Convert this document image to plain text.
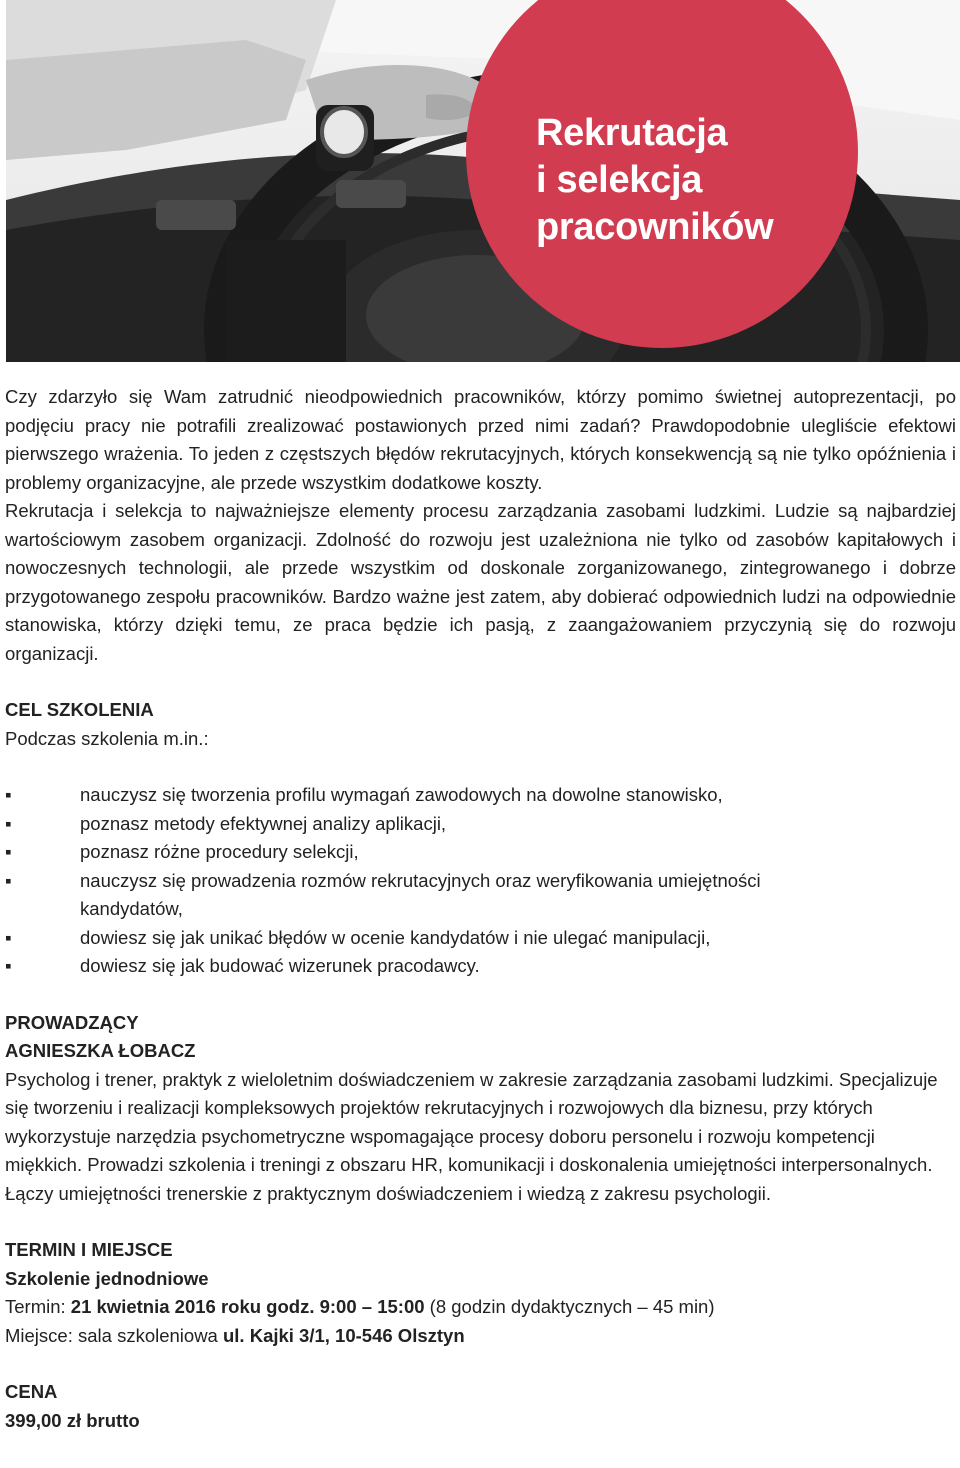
Rekrutacja
i selekcja
pracowników

Czy zdarzyło się Wam zatrudnić nieodpowiednich pracowników, którzy pomimo świetnej autoprezentacji, po podjęciu pracy nie potrafili zrealizować postawionych przed nimi zadań? Prawdopodobnie ulegliście efektowi pierwszego wrażenia. To jeden z częstszych błędów rekrutacyjnych, których konsekwencją są nie tylko opóźnienia i problemy organizacyjne, ale przede wszystkim dodatkowe koszty.

Rekrutacja i selekcja to najważniejsze elementy procesu zarządzania zasobami ludzkimi. Ludzie są najbardziej wartościowym zasobem organizacji. Zdolność do rozwoju jest uzależniona nie tylko od zasobów kapitałowych i nowoczesnych technologii, ale przede wszystkim od doskonale zorganizowanego, zintegrowanego i dobrze przygotowanego zespołu pracowników. Bardzo ważne jest zatem, aby dobierać odpowiednich ludzi na odpowiednie stanowiska, którzy dzięki temu, ze praca będzie ich pasją, z zaangażowaniem przyczynią się do rozwoju organizacji.

CEL SZKOLENIA

Podczas szkolenia m.in.:

▪	nauczysz się tworzenia profilu wymagań zawodowych na dowolne stanowisko,
▪	poznasz metody efektywnej analizy aplikacji,
▪	poznasz różne procedury selekcji,
▪	nauczysz się prowadzenia rozmów rekrutacyjnych oraz weryfikowania umiejętności kandydatów,
▪	dowiesz się jak unikać błędów w ocenie kandydatów i nie ulegać manipulacji,
▪	dowiesz się jak budować wizerunek pracodawcy.

PROWADZĄCY

AGNIESZKA ŁOBACZ

Psycholog i trener, praktyk z wieloletnim doświadczeniem w zakresie zarządzania zasobami ludzkimi. Specjalizuje się tworzeniu i realizacji kompleksowych projektów rekrutacyjnych i rozwojowych dla biznesu, przy których wykorzystuje narzędzia psychometryczne wspomagające procesy doboru personelu i rozwoju kompetencji miękkich. Prowadzi szkolenia i treningi z obszaru HR, komunikacji i doskonalenia umiejętności interpersonalnych. Łączy umiejętności trenerskie z praktycznym doświadczeniem i wiedzą z zakresu psychologii.

TERMIN I MIEJSCE

Szkolenie jednodniowe

Termin: 21 kwietnia 2016 roku godz. 9:00 – 15:00 (8 godzin dydaktycznych – 45 min)

Miejsce: sala szkoleniowa ul. Kajki 3/1, 10-546 Olsztyn

CENA

399,00 zł brutto
